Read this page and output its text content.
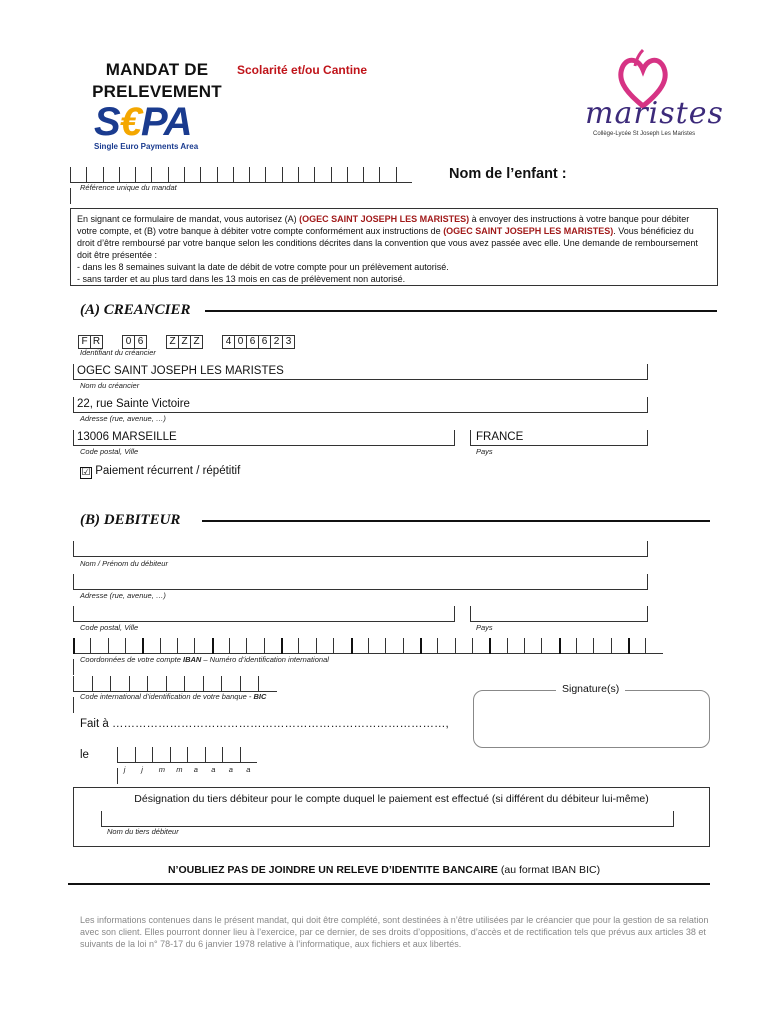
MANDAT DE
PRELEVEMENT
Scolarité et/ou Cantine
S€PA
Single Euro Payments Area
maristes
Collège-Lycée St Joseph Les Maristes
Référence unique du mandat
Nom de l’enfant :
En signant ce formulaire de mandat, vous autorisez (A) (OGEC SAINT JOSEPH LES MARISTES) à envoyer des instructions à votre banque pour débiter votre compte, et (B) votre banque à débiter votre compte conformément aux instructions de (OGEC SAINT JOSEPH LES MARISTES). Vous bénéficiez du droit d’être remboursé par votre banque selon les conditions décrites dans la convention que vous avez passée avec elle. Une demande de remboursement doit être présentée :
- dans les 8 semaines suivant la date de débit de votre compte pour un prélèvement autorisé.
- sans tarder et au plus tard dans les 13 mois en cas de prélèvement non autorisé.
(A) CREANCIER
F R	0 6	Z Z Z	4 0 6 6 2 3
Identifiant du créancier
OGEC SAINT JOSEPH LES MARISTES
Nom du créancier
22, rue Sainte Victoire
Adresse (rue, avenue, …)
13006 MARSEILLE
Code postal, Ville
FRANCE
Pays
☑ Paiement récurrent / répétitif
(B) DEBITEUR
Nom / Prénom du débiteur
Adresse (rue, avenue, …)
Code postal, Ville	Pays
Coordonnées de votre compte IBAN – Numéro d’identification international
Code international d’identification de votre banque - BIC
Signature(s)
Fait à ……………………………………………………………………………,
le
j j m m a a a a
Désignation du tiers débiteur pour le compte duquel le paiement est effectué (si différent du débiteur lui-même)
Nom du tiers débiteur
N’OUBLIEZ PAS DE JOINDRE UN RELEVE D’IDENTITE BANCAIRE (au format IBAN BIC)
Les informations contenues dans le présent mandat, qui doit être complété, sont destinées à n’être utilisées par le créancier que pour la gestion de sa relation avec son client. Elles pourront donner lieu à l’exercice, par ce dernier, de ses droits d’oppositions, d’accès et de rectification tels que prévus aux articles 38 et suivants de la loi n° 78-17 du 6 janvier 1978 relative à l’informatique, aux fichiers et aux libertés.
